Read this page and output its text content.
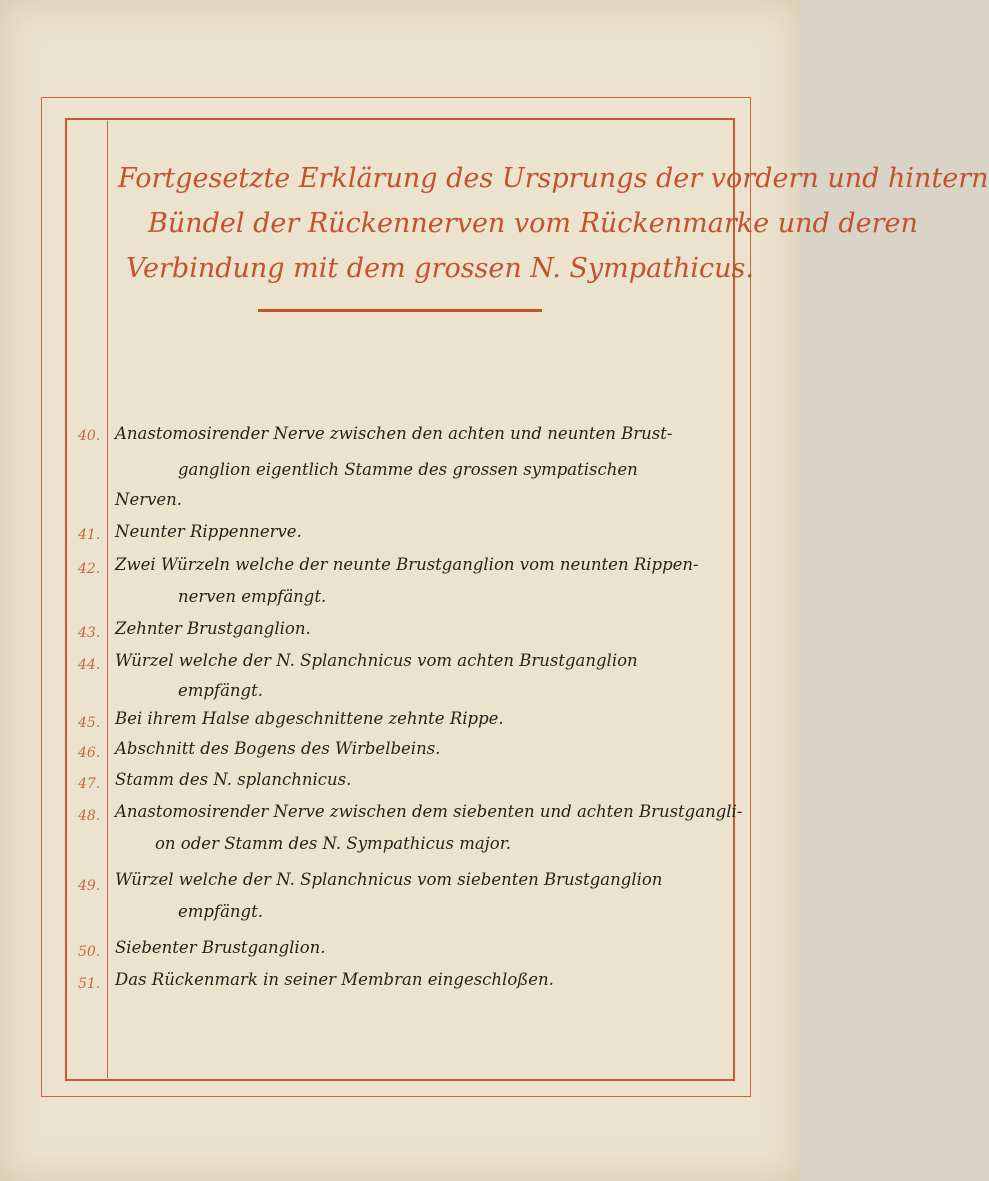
Fortgesetzte Erklärung des Ursprungs der vordern und hintern
Bündel der Rückennerven vom Rückenmarke und deren
Verbindung mit dem grossen N. Sympathicus.
40. Anastomosirender Nerve zwischen den achten und neunten Brust-
ganglion eigentlich Stamme des grossen sympatischen
Nerven.
41. Neunter Rippennerve.
42. Zwei Würzeln welche der neunte Brustganglion vom neunten Rippen-
nerven empfängt.
43. Zehnter Brustganglion.
44. Würzel welche der N. Splanchnicus vom achten Brustganglion
empfängt.
45. Bei ihrem Halse abgeschnittene zehnte Rippe.
46. Abschnitt des Bogens des Wirbelbeins.
47. Stamm des N. splanchnicus.
48. Anastomosirender Nerve zwischen dem siebenten und achten Brustgangli-
on oder Stamm des N. Sympathicus major.
49. Würzel welche der N. Splanchnicus vom siebenten Brustganglion
empfängt.
50. Siebenter Brustganglion.
51. Das Rückenmark in seiner Membran eingeschloßen.
